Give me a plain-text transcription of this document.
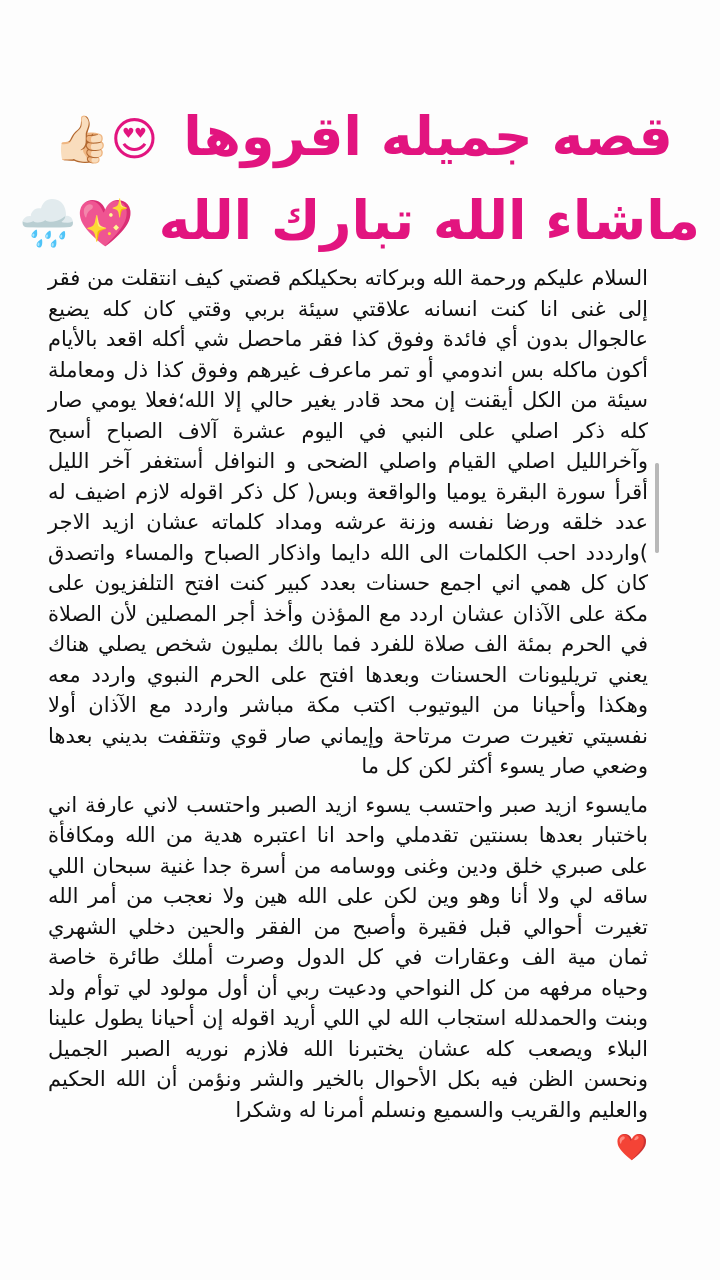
قصه جميله اقروها 😍👍🏻
ماشاء الله تبارك الله 💖🌧️

السلام عليكم ورحمة الله وبركاته بحكيلكم قصتي كيف انتقلت من فقر إلى غنى انا كنت انسانه علاقتي سيئة بربي وقتي كان كله يضيع عالجوال بدون أي فائدة وفوق كذا فقر ماحصل شي أكله اقعد بالأيام أكون ماكله بس اندومي أو تمر ماعرف غيرهم وفوق كذا ذل ومعاملة سيئة من الكل أيقنت إن محد قادر يغير حالي إلا الله؛فعلا يومي صار كله ذكر اصلي على النبي في اليوم عشرة آلاف الصباح أسبح وآخرالليل اصلي القيام واصلي الضحى و النوافل أستغفر آخر الليل أقرأ سورة البقرة يوميا والواقعة وبس( كل ذكر اقوله لازم اضيف له عدد خلقه ورضا نفسه وزنة عرشه ومداد كلماته عشان ازيد الاجر )وارددد احب الكلمات الى الله دايما واذكار الصباح والمساء واتصدق كان كل همي اني اجمع حسنات بعدد كبير كنت افتح التلفزيون على مكة على الآذان عشان اردد مع المؤذن وأخذ أجر المصلين لأن الصلاة في الحرم بمئة الف صلاة للفرد فما بالك بمليون شخص يصلي هناك يعني تريليونات الحسنات وبعدها افتح على الحرم النبوي واردد معه وهكذا وأحيانا من اليوتيوب اكتب مكة مباشر واردد مع الآذان أولا نفسيتي تغيرت صرت مرتاحة وإيماني صار قوي وتثقفت بديني بعدها وضعي صار يسوء أكثر لكن كل ما

مايسوء ازيد صبر واحتسب يسوء ازيد الصبر واحتسب لاني عارفة اني باختبار بعدها بسنتين تقدملي واحد انا اعتبره هدية من الله ومكافأة على صبري خلق ودين وغنى ووسامه من أسرة جدا غنية سبحان اللي ساقه لي ولا أنا وهو وين لكن على الله هين ولا نعجب من أمر الله تغيرت أحوالي قبل فقيرة وأصبح من الفقر والحين دخلي الشهري ثمان مية الف وعقارات في كل الدول وصرت أملك طائرة خاصة وحياه مرفهه من كل النواحي ودعيت ربي أن أول مولود لي توأم ولد وبنت والحمدلله استجاب الله لي اللي أريد اقوله إن أحيانا يطول علينا البلاء ويصعب كله عشان يختبرنا الله فلازم نوريه الصبر الجميل ونحسن الظن فيه بكل الأحوال بالخير والشر ونؤمن أن الله الحكيم والعليم والقريب والسميع ونسلم أمرنا له وشكرا

❤️
